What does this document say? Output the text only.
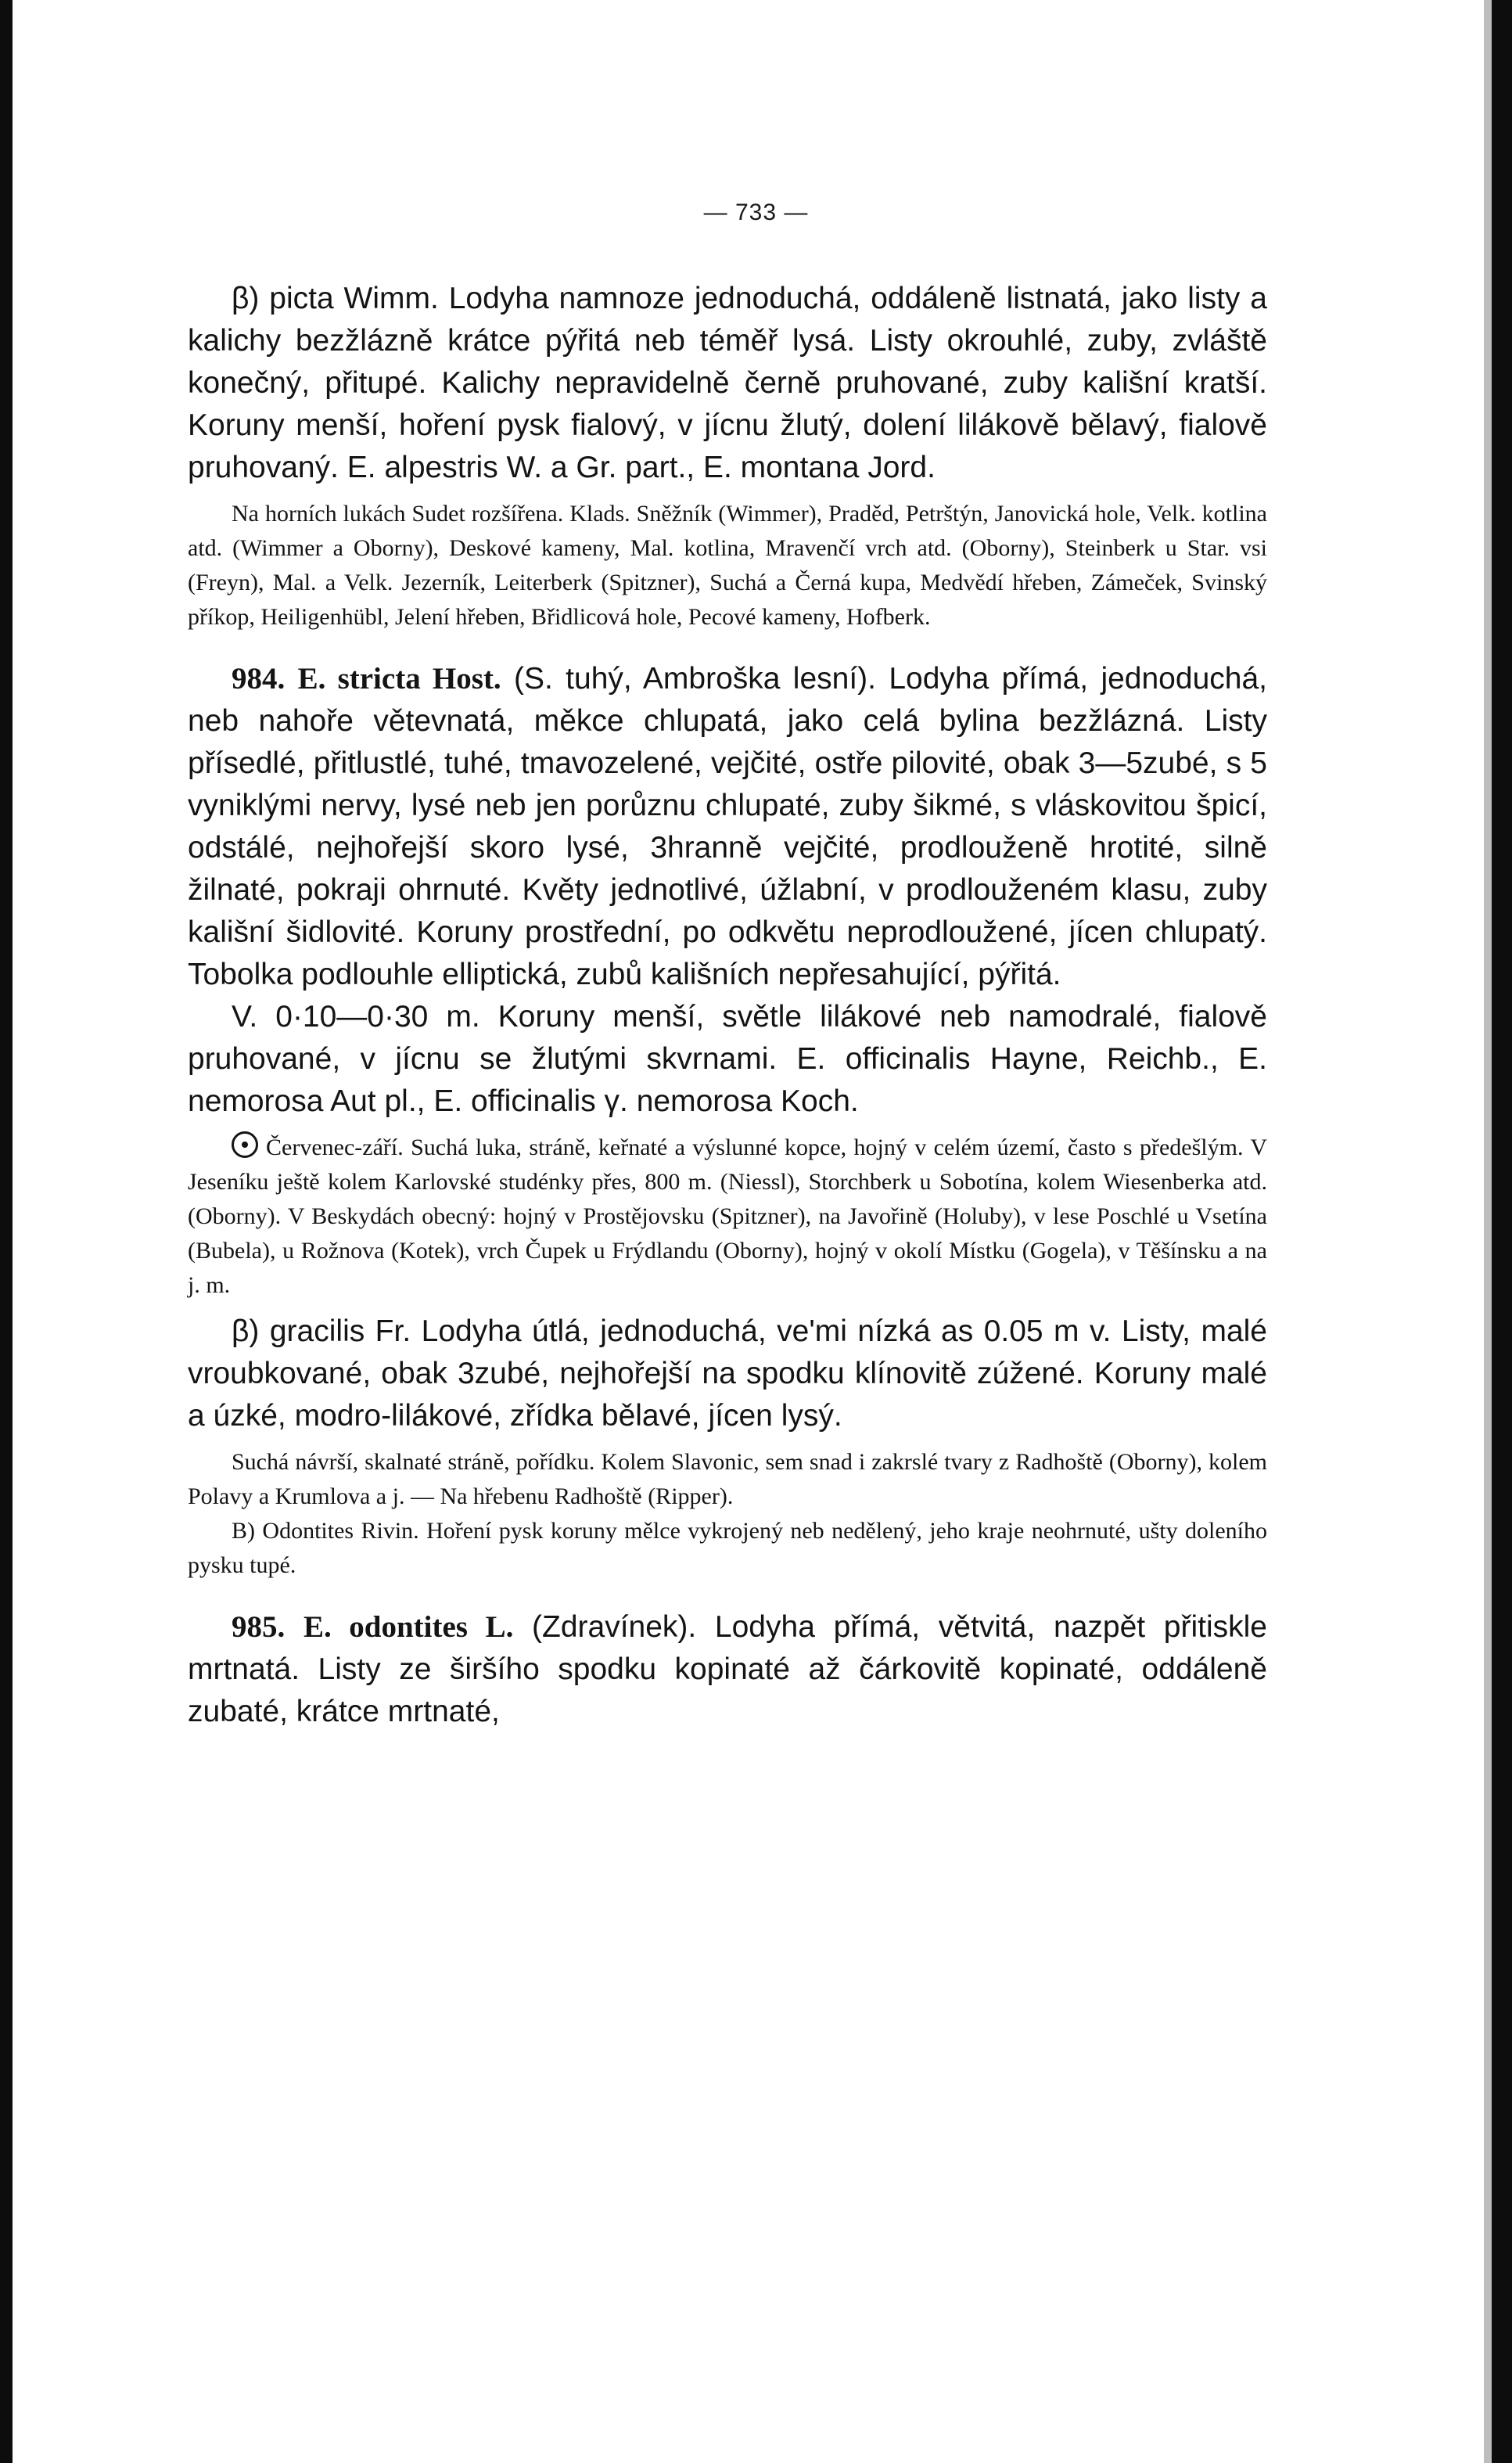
— 733 —

β) picta Wimm. Lodyha namnoze jednoduchá, oddáleně listnatá, jako listy a kalichy bezžlázně krátce pýřitá neb téměř lysá. Listy okrouhlé, zuby, zvláště konečný, přitupé. Kalichy nepravidelně černě pruhované, zuby kališní kratší. Koruny menší, hoření pysk fialový, v jícnu žlutý, dolení lilákově bělavý, fialově pruhovaný. E. alpestris W. a Gr. part., E. montana Jord.

Na horních lukách Sudet rozšířena. Klads. Sněžník (Wimmer), Praděd, Petrštýn, Janovická hole, Velk. kotlina atd. (Wimmer a Oborny), Deskové kameny, Mal. kotlina, Mravenčí vrch atd. (Oborny), Steinberk u Star. vsi (Freyn), Mal. a Velk. Jezerník, Leiterberk (Spitzner), Suchá a Černá kupa, Medvědí hřeben, Zámeček, Svinský příkop, Heiligenhübl, Jelení hřeben, Břidlicová hole, Pecové kameny, Hofberk.

984. E. stricta Host. (S. tuhý, Ambroška lesní). Lodyha přímá, jednoduchá, neb nahoře větevnatá, měkce chlupatá, jako celá bylina bezžlázná. Listy přísedlé, přitlustlé, tuhé, tmavozelené, vejčité, ostře pilovité, obak 3—5zubé, s 5 vyniklými nervy, lysé neb jen porůznu chlupaté, zuby šikmé, s vláskovitou špicí, odstálé, nejhořejší skoro lysé, 3hranně vejčité, prodlouženě hrotité, silně žilnaté, pokraji ohrnuté. Květy jednotlivé, úžlabní, v prodlouženém klasu, zuby kališní šidlovité. Koruny prostřední, po odkvětu neprodloužené, jícen chlupatý. Tobolka podlouhle elliptická, zubů kališních nepřesahující, pýřitá.

V. 0·10—0·30 m. Koruny menší, světle lilákové neb namodralé, fialově pruhované, v jícnu se žlutými skvrnami. E. officinalis Hayne, Reichb., E. nemorosa Aut pl., E. officinalis γ. nemorosa Koch.

Červenec-září. Suchá luka, stráně, keřnaté a výslunné kopce, hojný v celém území, často s předešlým. V Jeseníku ještě kolem Karlovské studénky přes, 800 m. (Niessl), Storchberk u Sobotína, kolem Wiesenberka atd. (Oborny). V Beskydách obecný: hojný v Prostějovsku (Spitzner), na Javořině (Holuby), v lese Poschlé u Vsetína (Bubela), u Rožnova (Kotek), vrch Čupek u Frýdlandu (Oborny), hojný v okolí Místku (Gogela), v Těšínsku a na j. m.

β) gracilis Fr. Lodyha útlá, jednoduchá, ve'mi nízká as 0.05 m v. Listy, malé vroubkované, obak 3zubé, nejhořejší na spodku klínovitě zúžené. Koruny malé a úzké, modro-lilákové, zřídka bělavé, jícen lysý.

Suchá návrší, skalnaté stráně, pořídku. Kolem Slavonic, sem snad i zakrslé tvary z Radhoště (Oborny), kolem Polavy a Krumlova a j. — Na hřebenu Radhoště (Ripper).

B) Odontites Rivin. Hoření pysk koruny mělce vykrojený neb nedělený, jeho kraje neohrnuté, ušty doleního pysku tupé.

985. E. odontites L. (Zdravínek). Lodyha přímá, větvitá, nazpět přitiskle mrtnatá. Listy ze širšího spodku kopinaté až čárkovitě kopinaté, oddáleně zubaté, krátce mrtnaté,
